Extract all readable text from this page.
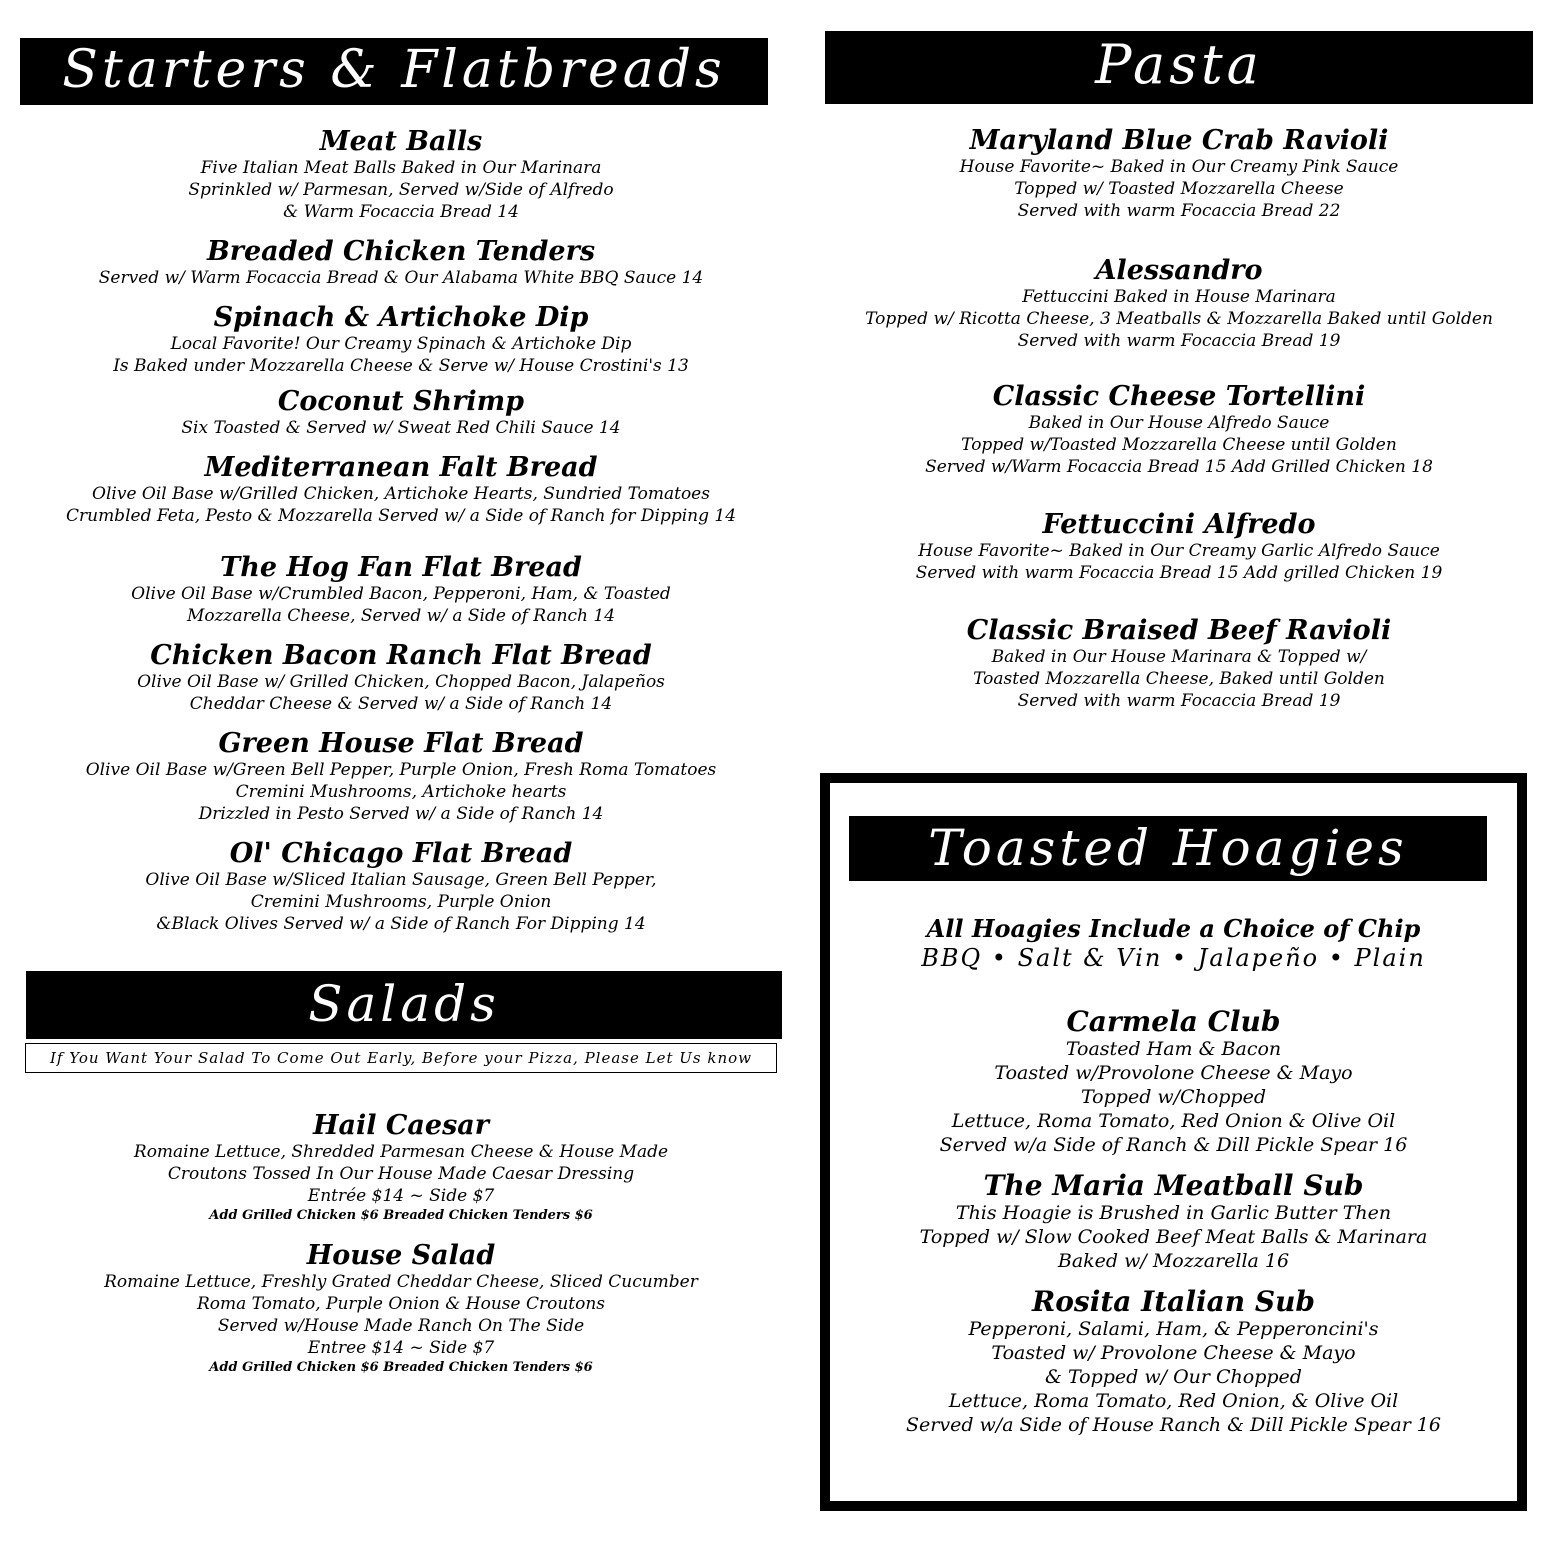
Starters & Flatbreads
Meat Balls
Five Italian Meat Balls Baked in Our Marinara
Sprinkled w/ Parmesan, Served w/Side of Alfredo
& Warm Focaccia Bread 14
Breaded Chicken Tenders
Served w/ Warm Focaccia Bread & Our Alabama White BBQ Sauce 14
Spinach & Artichoke Dip
Local Favorite! Our Creamy Spinach & Artichoke Dip
Is Baked under Mozzarella Cheese & Serve w/ House Crostini's 13
Coconut Shrimp
Six Toasted & Served w/ Sweat Red Chili Sauce 14
Mediterranean Falt Bread
Olive Oil Base w/Grilled Chicken, Artichoke Hearts, Sundried Tomatoes
Crumbled Feta, Pesto & Mozzarella Served w/ a Side of Ranch for Dipping 14
The Hog Fan Flat Bread
Olive Oil Base w/Crumbled Bacon, Pepperoni, Ham, & Toasted
Mozzarella Cheese, Served w/ a Side of Ranch 14
Chicken Bacon Ranch Flat Bread
Olive Oil Base w/ Grilled Chicken, Chopped Bacon, Jalapeños
Cheddar Cheese & Served w/ a Side of Ranch 14
Green House Flat Bread
Olive Oil Base w/Green Bell Pepper, Purple Onion, Fresh Roma Tomatoes
Cremini Mushrooms, Artichoke hearts
Drizzled in Pesto Served w/ a Side of Ranch 14
Ol' Chicago Flat Bread
Olive Oil Base w/Sliced Italian Sausage, Green Bell Pepper,
Cremini Mushrooms, Purple Onion
&Black Olives Served w/ a Side of Ranch For Dipping 14
Salads
If You Want Your Salad To Come Out Early, Before your Pizza, Please Let Us know
Hail Caesar
Romaine Lettuce, Shredded Parmesan Cheese & House Made
Croutons Tossed In Our House Made Caesar Dressing
Entrée $14 ~ Side $7
Add Grilled Chicken $6 Breaded Chicken Tenders $6
House Salad
Romaine Lettuce, Freshly Grated Cheddar Cheese, Sliced Cucumber
Roma Tomato, Purple Onion & House Croutons
Served w/House Made Ranch On The Side
Entree $14 ~ Side $7
Add Grilled Chicken $6 Breaded Chicken Tenders $6
Pasta
Maryland Blue Crab Ravioli
House Favorite~ Baked in Our Creamy Pink Sauce
Topped w/ Toasted Mozzarella Cheese
Served with warm Focaccia Bread 22
Alessandro
Fettuccini Baked in House Marinara
Topped w/ Ricotta Cheese, 3 Meatballs & Mozzarella Baked until Golden
Served with warm Focaccia Bread 19
Classic Cheese Tortellini
Baked in Our House Alfredo Sauce
Topped w/Toasted Mozzarella Cheese until Golden
Served w/Warm Focaccia Bread 15 Add Grilled Chicken 18
Fettuccini Alfredo
House Favorite~ Baked in Our Creamy Garlic Alfredo Sauce
Served with warm Focaccia Bread 15 Add grilled Chicken 19
Classic Braised Beef Ravioli
Baked in Our House Marinara & Topped w/
Toasted Mozzarella Cheese, Baked until Golden
Served with warm Focaccia Bread 19
Toasted Hoagies
All Hoagies Include a Choice of Chip
BBQ • Salt & Vin • Jalapeño • Plain
Carmela Club
Toasted Ham & Bacon
Toasted w/Provolone Cheese & Mayo
Topped w/Chopped
Lettuce, Roma Tomato, Red Onion & Olive Oil
Served w/a Side of Ranch & Dill Pickle Spear 16
The Maria Meatball Sub
This Hoagie is Brushed in Garlic Butter Then
Topped w/ Slow Cooked Beef Meat Balls & Marinara
Baked w/ Mozzarella 16
Rosita Italian Sub
Pepperoni, Salami, Ham, & Pepperoncini's
Toasted w/ Provolone Cheese & Mayo
& Topped w/ Our Chopped
Lettuce, Roma Tomato, Red Onion, & Olive Oil
Served w/a Side of House Ranch & Dill Pickle Spear 16
